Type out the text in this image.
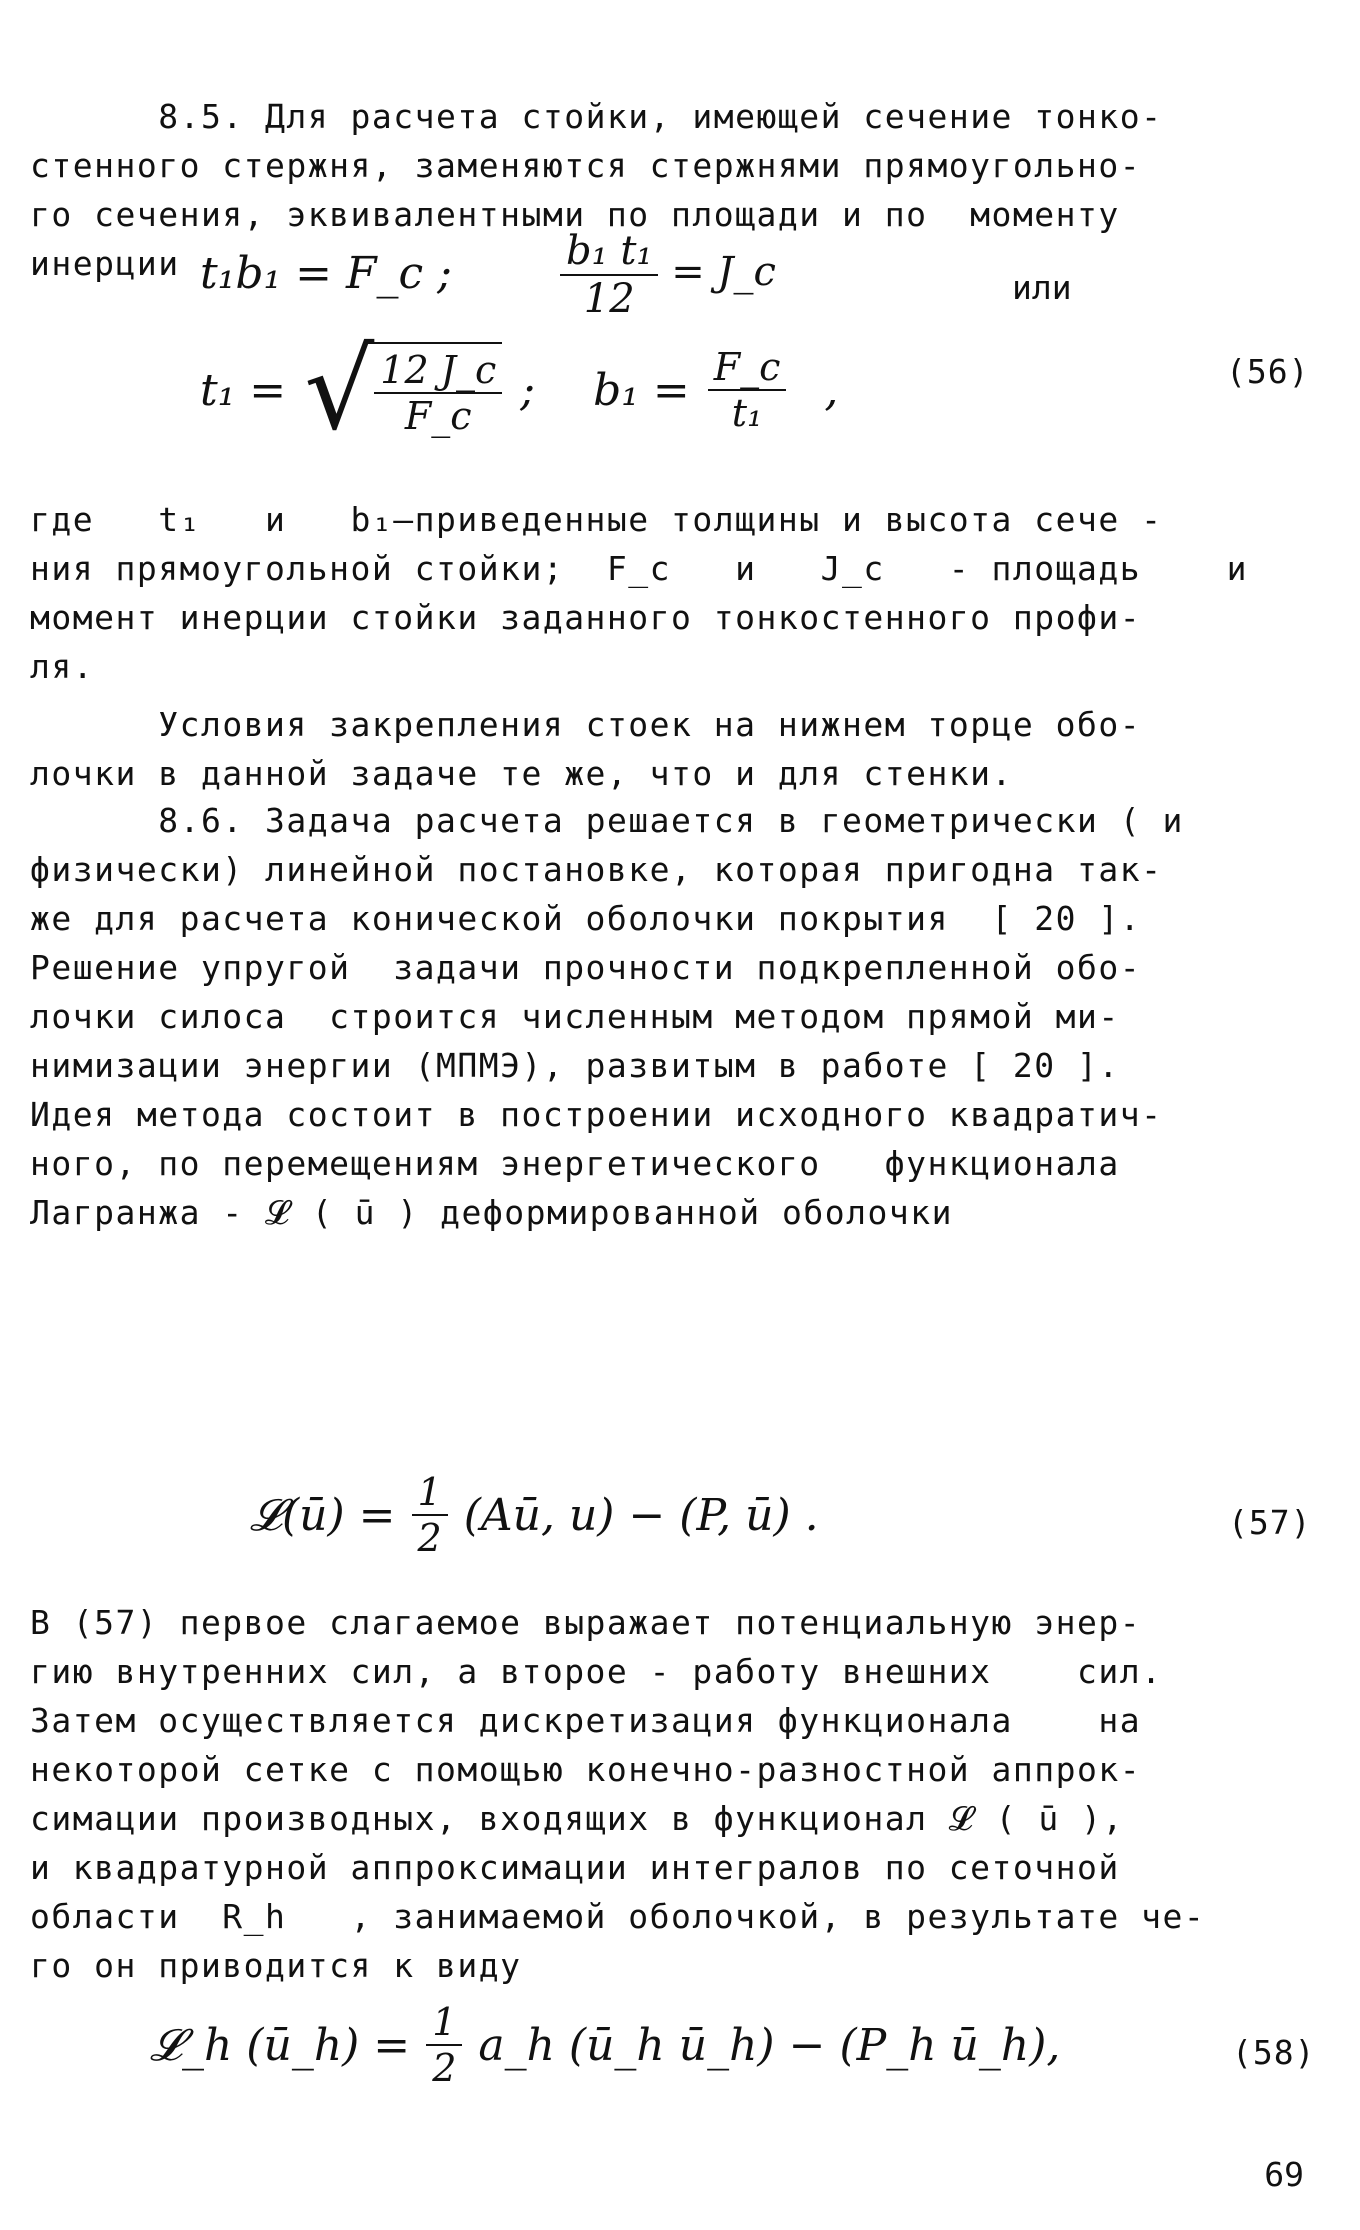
8.5. Для расчета стойки, имеющей сечение тонко-
стенного стержня, заменяются стержнями прямоугольно-
го сечения, эквивалентными по площади и по  моменту
инерции t₁b₁ = F_c ;	$\frac{\text{b₁ t₁}}{12}$ = J_c	или
t₁ = √ $\frac{12 J\_c}{F\_c}$ ; $b_1 = \frac{F\_c}{\text{t₁}}$ ,	(56)

где   t₁   и   b₁—приведенные толщины и высота сече -
ния прямоугольной стойки;  F_c   и   J_c   - площадь    и
момент инерции стойки заданного тонкостенного профи-
ля.

Условия закрепления стоек на нижнем торце обо-
лочки в данной задаче те же, что и для стенки.

8.6. Задача расчета решается в геометрически ( и
физически) линейной постановке, которая пригодна так-
же для расчета конической оболочки покрытия  [ 20 ].
Решение упругой  задачи прочности подкрепленной обо-
лочки силоса  строится численным методом прямой ми-
нимизации энергии (МПМЭ), развитым в работе [ 20 ].
Идея метода состоит в построении исходного квадратич-
ного, по перемещениям энергетического   функционала
Лагранжа - 𝓛 ( ū ) деформированной оболочки

𝓛(ū) = $\frac{1}{2}$ (Aū, u) − (P, ū) .	(57)

В (57) первое слагаемое выражает потенциальную энер-
гию внутренних сил, а второе - работу внешних    сил.
Затем осуществляется дискретизация функционала    на
некоторой сетке с помощью конечно-разностной аппрок-
симации производных, входящих в функционал 𝓛 ( ū ),
и квадратурной аппроксимации интегралов по сеточной
области  R_h   , занимаемой оболочкой, в результате че-
го он приводится к виду

𝓛_h (ū_h) = $\frac{1}{2}$ a_h (ū_h ū_h) − (P_h ū_h),	(58)
69
